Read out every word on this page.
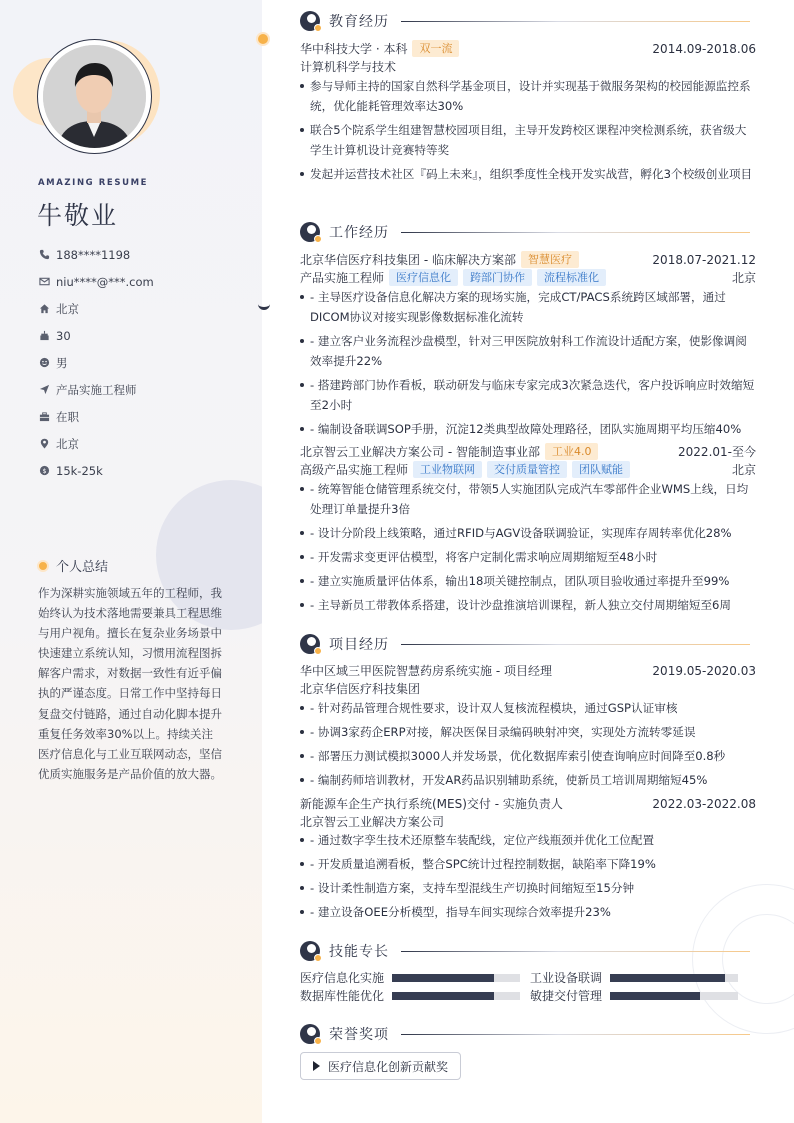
AMAZING RESUME
牛敬业
188****1198
niu****@***.com
北京
30
男
产品实施工程师
在职
北京
$ 15k-25k
个人总结
作为深耕实施领域五年的工程师，我始终认为技术落地需要兼具工程思维与用户视角。擅长在复杂业务场景中快速建立系统认知，习惯用流程图拆解客户需求，对数据一致性有近乎偏执的严谨态度。日常工作中坚持每日复盘交付链路，通过自动化脚本提升重复任务效率30%以上。持续关注医疗信息化与工业互联网动态，坚信优质实施服务是产品价值的放大器。
教育经历
华中科技大学 · 本科	双一流	2014.09-2018.06
计算机科学与技术
参与导师主持的国家自然科学基金项目，设计并实现基于微服务架构的校园能源监控系统，优化能耗管理效率达30%
联合5个院系学生组建智慧校园项目组，主导开发跨校区课程冲突检测系统，获省级大学生计算机设计竞赛特等奖
发起并运营技术社区『码上未来』，组织季度性全栈开发实战营，孵化3个校级创业项目
工作经历
北京华信医疗科技集团 - 临床解决方案部	智慧医疗	2018.07-2021.12
产品实施工程师	医疗信息化	跨部门协作	流程标准化	北京
- 主导医疗设备信息化解决方案的现场实施，完成CT/PACS系统跨区域部署，通过DICOM协议对接实现影像数据标准化流转
- 建立客户业务流程沙盘模型，针对三甲医院放射科工作流设计适配方案，使影像调阅效率提升22%
- 搭建跨部门协作看板，联动研发与临床专家完成3次紧急迭代，客户投诉响应时效缩短至2小时
- 编制设备联调SOP手册，沉淀12类典型故障处理路径，团队实施周期平均压缩40%
北京智云工业解决方案公司 - 智能制造事业部	工业4.0	2022.01-至今
高级产品实施工程师	工业物联网	交付质量管控	团队赋能	北京
- 统筹智能仓储管理系统交付，带领5人实施团队完成汽车零部件企业WMS上线，日均处理订单量提升3倍
- 设计分阶段上线策略，通过RFID与AGV设备联调验证，实现库存周转率优化28%
- 开发需求变更评估模型，将客户定制化需求响应周期缩短至48小时
- 建立实施质量评估体系，输出18项关键控制点，团队项目验收通过率提升至99%
- 主导新员工带教体系搭建，设计沙盘推演培训课程，新人独立交付周期缩短至6周
项目经历
华中区域三甲医院智慧药房系统实施 - 项目经理	2019.05-2020.03
北京华信医疗科技集团
- 针对药品管理合规性要求，设计双人复核流程模块，通过GSP认证审核
- 协调3家药企ERP对接，解决医保目录编码映射冲突，实现处方流转零延误
- 部署压力测试模拟3000人并发场景，优化数据库索引使查询响应时间降至0.8秒
- 编制药师培训教材，开发AR药品识别辅助系统，使新员工培训周期缩短45%
新能源车企生产执行系统(MES)交付 - 实施负责人	2022.03-2022.08
北京智云工业解决方案公司
- 通过数字孪生技术还原整车装配线，定位产线瓶颈并优化工位配置
- 开发质量追溯看板，整合SPC统计过程控制数据，缺陷率下降19%
- 设计柔性制造方案，支持车型混线生产切换时间缩短至15分钟
- 建立设备OEE分析模型，指导车间实现综合效率提升23%
技能专长
医疗信息化实施	工业设备联调
数据库性能优化	敏捷交付管理
荣誉奖项
医疗信息化创新贡献奖
